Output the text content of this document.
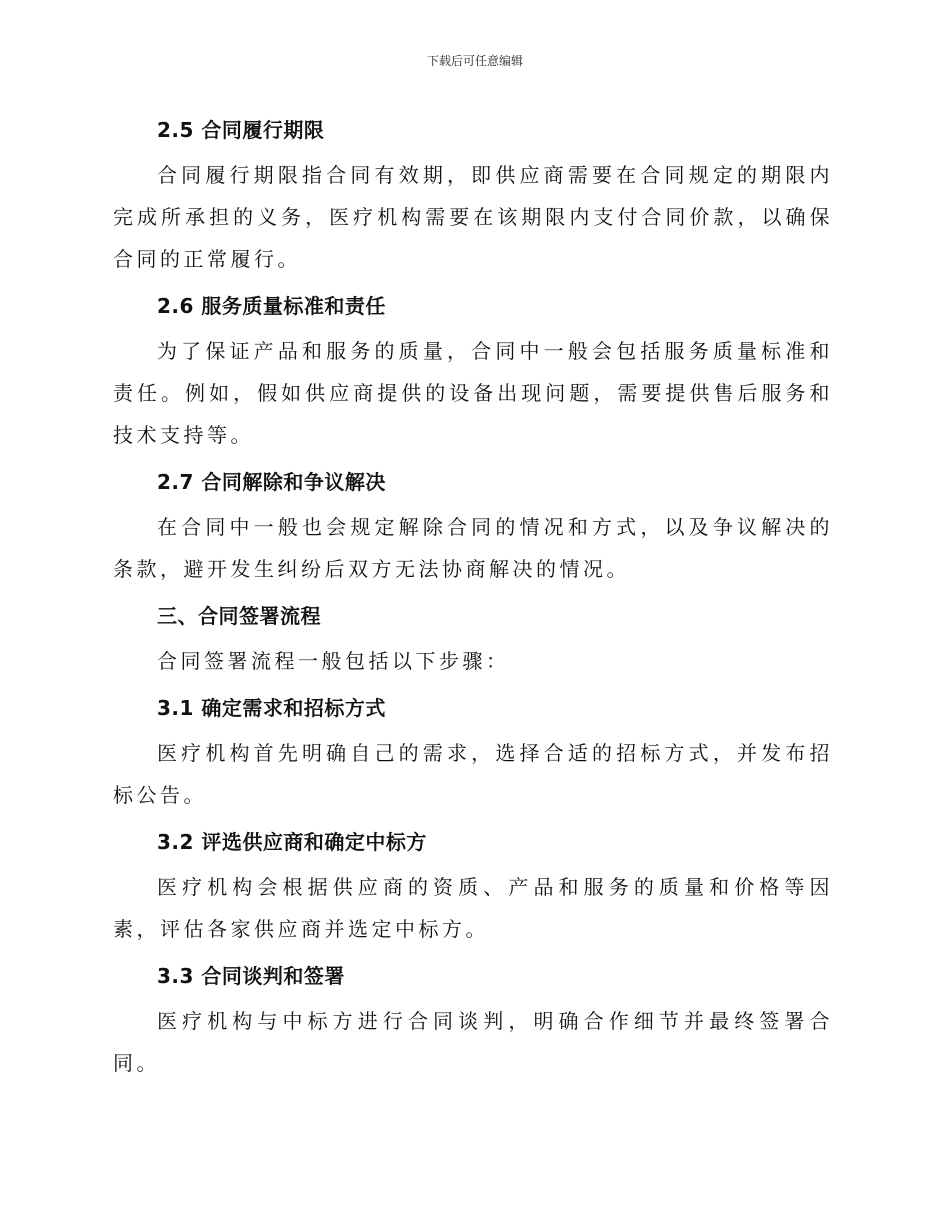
下载后可任意编辑
2.5 合同履行期限

合同履行期限指合同有效期，即供应商需要在合同规定的期限内完成所承担的义务，医疗机构需要在该期限内支付合同价款，以确保合同的正常履行。

2.6 服务质量标准和责任

为了保证产品和服务的质量，合同中一般会包括服务质量标准和责任。例如，假如供应商提供的设备出现问题，需要提供售后服务和技术支持等。

2.7 合同解除和争议解决

在合同中一般也会规定解除合同的情况和方式，以及争议解决的条款，避开发生纠纷后双方无法协商解决的情况。

三、合同签署流程

合同签署流程一般包括以下步骤：

3.1 确定需求和招标方式

医疗机构首先明确自己的需求，选择合适的招标方式，并发布招标公告。

3.2 评选供应商和确定中标方

医疗机构会根据供应商的资质、产品和服务的质量和价格等因素，评估各家供应商并选定中标方。

3.3 合同谈判和签署

医疗机构与中标方进行合同谈判，明确合作细节并最终签署合同。
